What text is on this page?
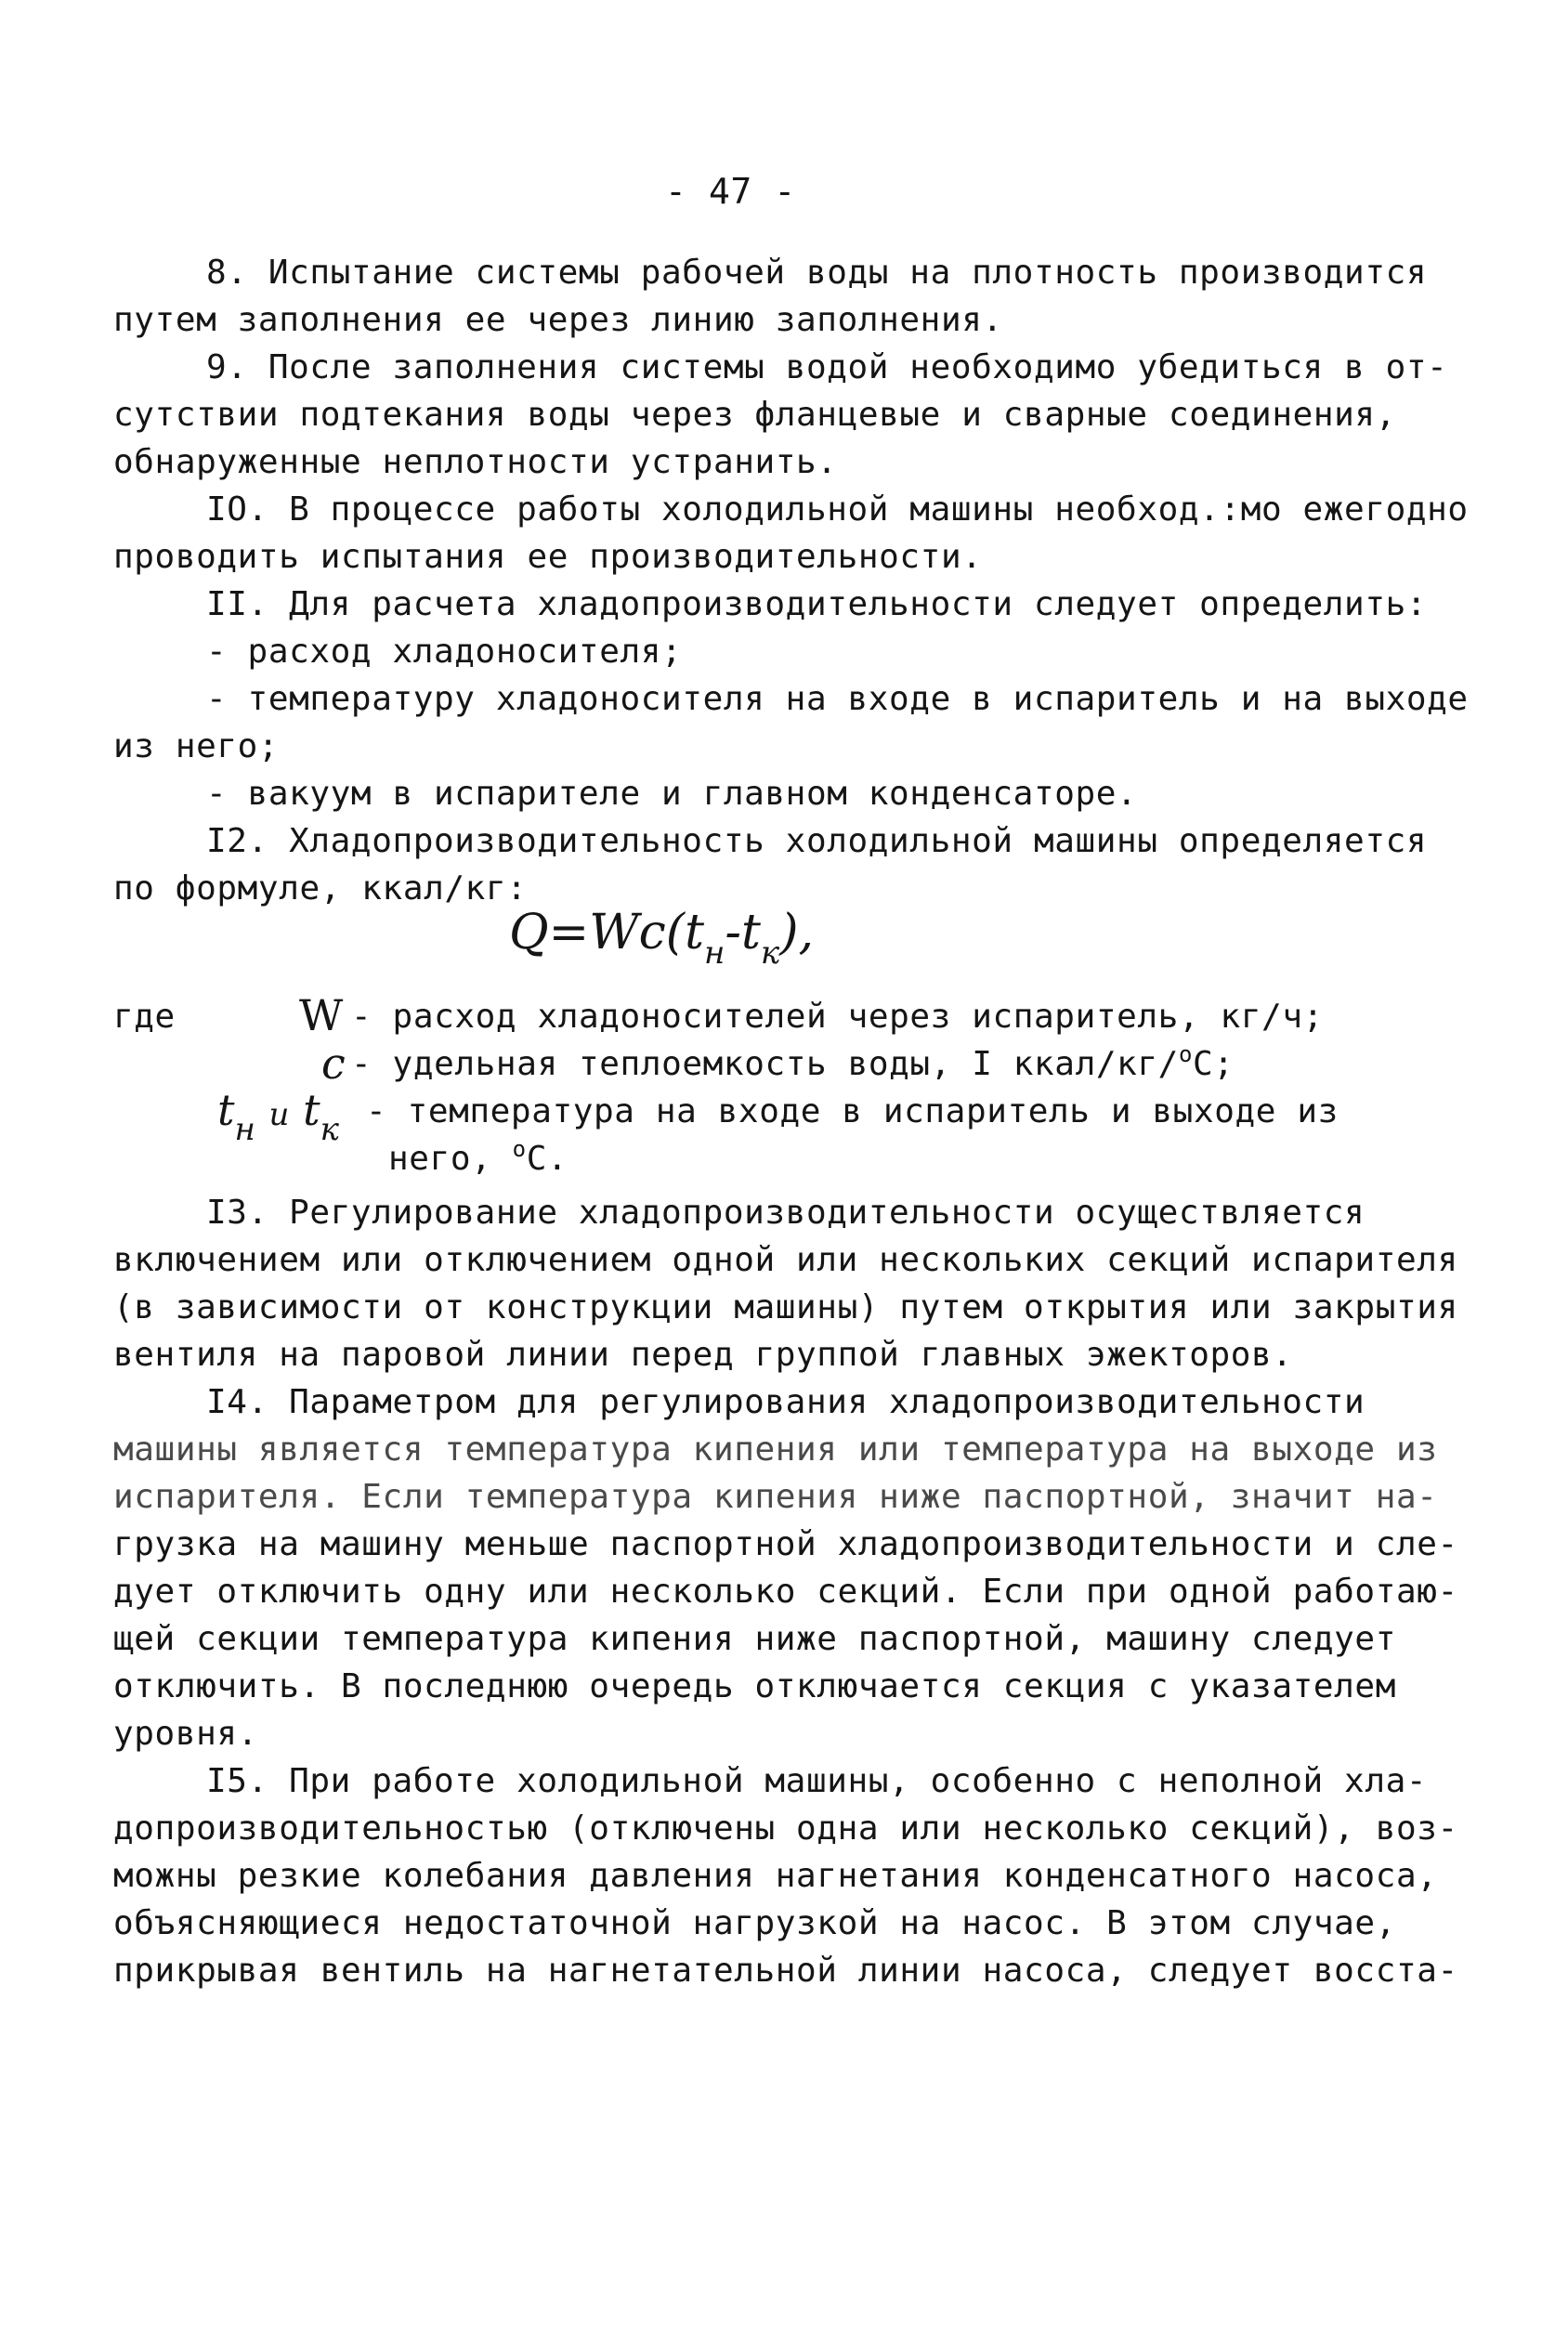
- 47 -
8. Испытание системы рабочей воды на плотность производится
путем заполнения ее через линию заполнения.
9. После заполнения системы водой необходимо убедиться в от-
сутствии подтекания воды через фланцевые и сварные соединения,
обнаруженные неплотности устранить.
IO. В процессе работы холодильной машины необход.:мо ежегодно
проводить испытания ее производительности.
II. Для расчета хладопроизводительности следует определить:
- расход хладоносителя;
- температуру хладоносителя на входе в испаритель и на выходе
из него;
- вакуум в испарителе и главном конденсаторе.
I2. Хладопроизводительность холодильной машины определяется
по формуле, ккал/кг:
$Q=Wc(t_н-t_к)$,
где	W - расход хладоносителей через испаритель, кг/ч;
c - удельная теплоемкость воды, I ккал/кг/$^о$С;
$t_н$ и $t_к$ - температура на входе в испаритель и выходе из
него, $^о$С.
I3. Регулирование хладопроизводительности осуществляется
включением или отключением одной или нескольких секций испарителя
(в зависимости от конструкции машины) путем открытия или закрытия
вентиля на паровой линии перед группой главных эжекторов.
I4. Параметром для регулирования хладопроизводительности
машины является температура кипения или температура на выходе из
испарителя. Если температура кипения ниже паспортной, значит на-
грузка на машину меньше паспортной хладопроизводительности и сле-
дует отключить одну или несколько секций. Если при одной работаю-
щей секции температура кипения ниже паспортной, машину следует
отключить. В последнюю очередь отключается секция с указателем
уровня.
I5. При работе холодильной машины, особенно с неполной хла-
допроизводительностью (отключены одна или несколько секций), воз-
можны резкие колебания давления нагнетания конденсатного насоса,
объясняющиеся недостаточной нагрузкой на насос. В этом случае,
прикрывая вентиль на нагнетательной линии насоса, следует восста-
